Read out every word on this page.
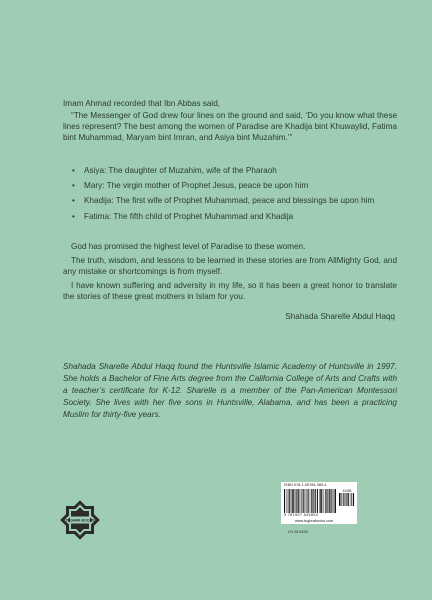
Imam Ahmad recorded that Ibn Abbas said,

“The Messenger of God drew four lines on the ground and said, ‘Do you know what these lines represent? The best among the women of Paradise are Khadija bint Khuwaylid, Fatima bint Muhammad, Maryam bint Imran, and Asiya bint Muzahim.’”

• Asiya: The daughter of Muzahim, wife of the Pharaoh
• Mary: The virgin mother of Prophet Jesus, peace be upon him
• Khadija: The first wife of Prophet Muhammad, peace and blessings be upon him
• Fatima: The fifth child of Prophet Muhammad and Khadija

God has promised the highest level of Paradise to these women.

The truth, wisdom, and lessons to be learned in these stories are from AllMighty God, and any mistake or shortcomings is from myself.

I have known suffering and adversity in my life, so it has been a great honor to translate the stories of these great mothers in Islam for you.

Shahada Sharelle Abdul Haqq

Shahada Sharelle Abdul Haqq found the Huntsville Islamic Academy of Huntsville in 1997. She holds a Bachelor of Fine Arts degree from the California College of Arts and Crafts with a teacher’s certificate for K-12. Sharelle is a member of the Pan-American Montessori Society. She lives with her five sons in Huntsville, Alabama, and has been a practicing Muslim for thirty-five years.

TUGHRA BOOKS
ISBN 978-1-59784-385-4
51495
9 781597 843854
www.tughrabooks.com
LR-514395
